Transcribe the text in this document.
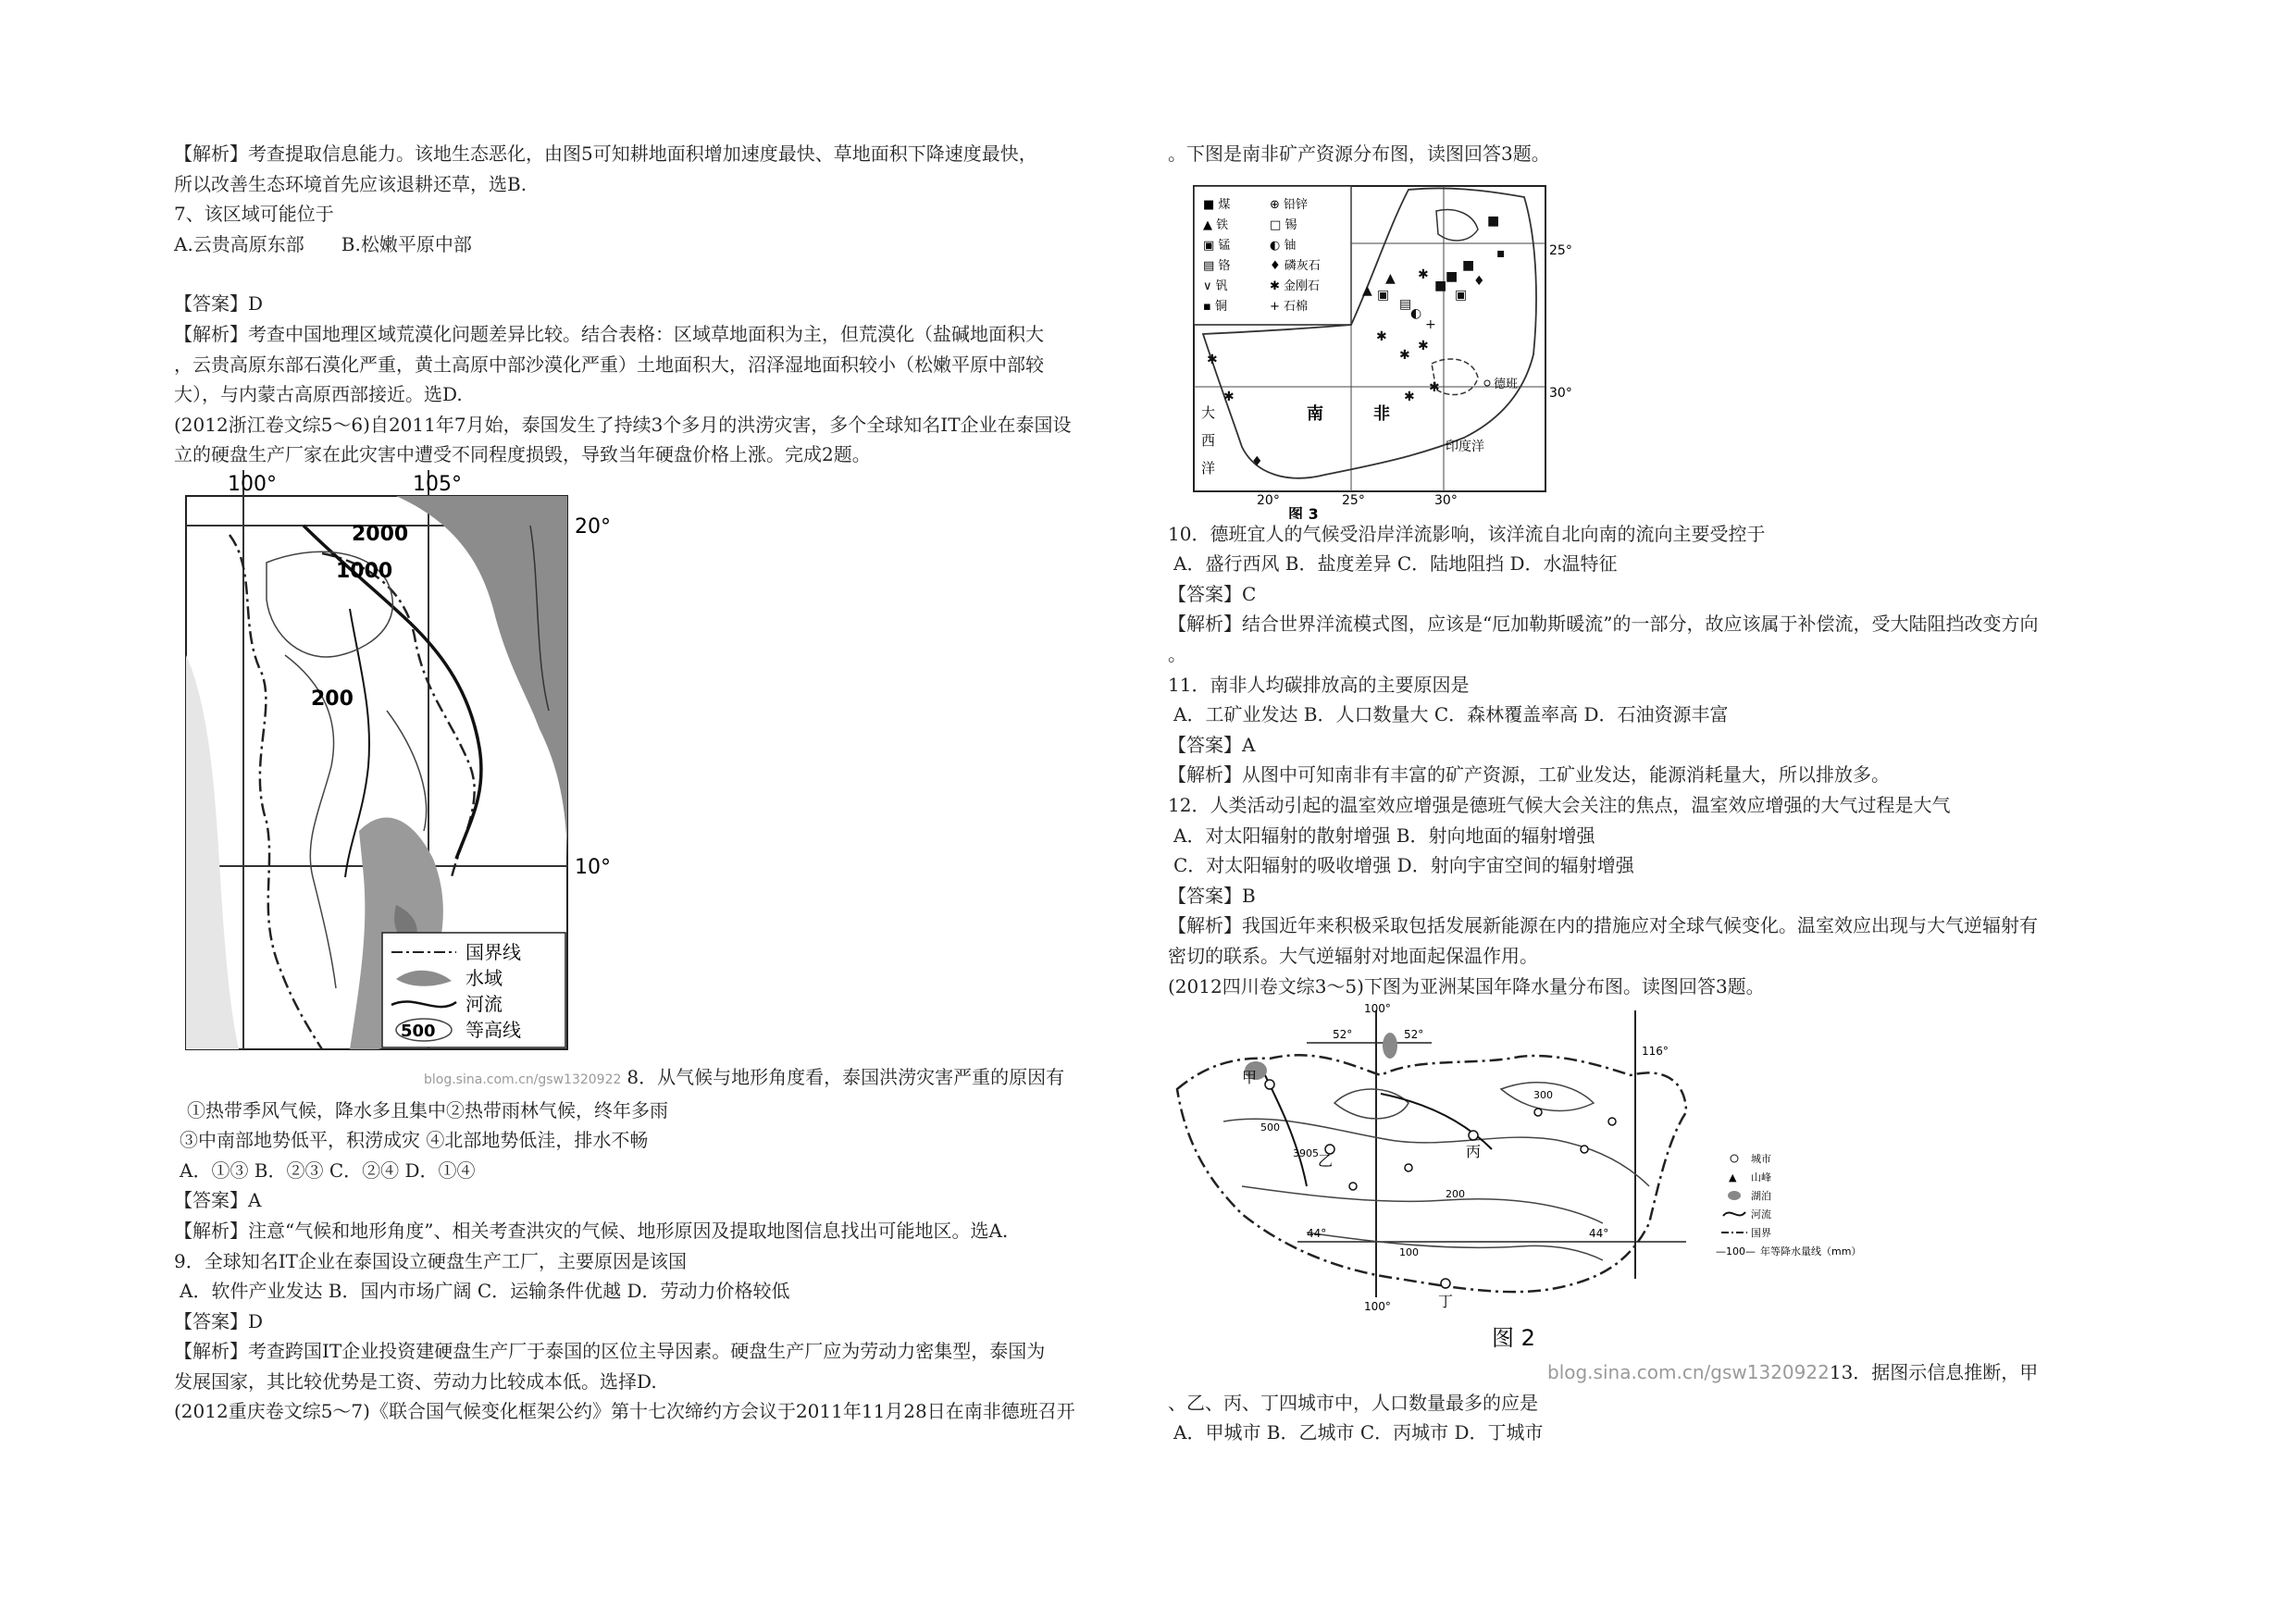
【解析】考查提取信息能力。该地生态恶化，由图5可知耕地面积增加速度最快、草地面积下降速度最快，

所以改善生态环境首先应该退耕还草，选B.

7、该区域可能位于

A.云贵高原东部　　B.松嫩平原中部

【答案】D

【解析】考查中国地理区域荒漠化问题差异比较。结合表格：区域草地面积为主，但荒漠化（盐碱地面积大

，云贵高原东部石漠化严重，黄土高原中部沙漠化严重）土地面积大，沼泽湿地面积较小（松嫩平原中部较

大），与内蒙古高原西部接近。选D.

(2012浙江卷文综5～6)自2011年7月始，泰国发生了持续3个多月的洪涝灾害，多个全球知名IT企业在泰国设

立的硬盘生产厂家在此灾害中遭受不同程度损毁，导致当年硬盘价格上涨。完成2题。

100°	105°
20°
10°
2000
1000
200
国界线
水域
河流
500 等高线

blog.sina.com.cn/gsw1320922 8．从气候与地形角度看，泰国洪涝灾害严重的原因有

①热带季风气候，降水多且集中②热带雨林气候，终年多雨

③中南部地势低平，积涝成灾 ④北部地势低洼，排水不畅

A．①③ B．②③ C．②④ D．①④

【答案】A

【解析】注意“气候和地形角度”、相关考查洪灾的气候、地形原因及提取地图信息找出可能地区。选A.

9．全球知名IT企业在泰国设立硬盘生产工厂，主要原因是该国

A．软件产业发达 B．国内市场广阔 C．运输条件优越 D．劳动力价格较低

【答案】D

【解析】考查跨国IT企业投资建硬盘生产厂于泰国的区位主导因素。硬盘生产厂应为劳动力密集型，泰国为

发展国家，其比较优势是工资、劳动力比较成本低。选择D.

(2012重庆卷文综5～7)《联合国气候变化框架公约》第十七次缔约方会议于2011年11月28日在南非德班召开

。下图是南非矿产资源分布图，读图回答3题。

■ 煤	⊕ 铅锌
▲ 铁	□ 锡
▣ 锰	◐ 铀
▤ 铬	♦ 磷灰石
∨ 钒	✱ 金刚石
▪ 铜	+ 石棉
▲ ▣
▲
▤
✱
◐
■
■
▣
■
♦
+
■
▪
✱
✱
✱
✱
✱
✱
✱
♦
25°
30°
20°	25°	30°
德班
南	非
大
西
洋
印度洋
图 3

10．德班宜人的气候受沿岸洋流影响，该洋流自北向南的流向主要受控于

A．盛行西风 B．盐度差异 C．陆地阻挡 D．水温特征

【答案】C

【解析】结合世界洋流模式图，应该是“厄加勒斯暖流”的一部分，故应该属于补偿流，受大陆阻挡改变方向

。

11．南非人均碳排放高的主要原因是

A．工矿业发达 B．人口数量大 C．森林覆盖率高 D．石油资源丰富

【答案】A

【解析】从图中可知南非有丰富的矿产资源，工矿业发达，能源消耗量大，所以排放多。

12．人类活动引起的温室效应增强是德班气候大会关注的焦点，温室效应增强的大气过程是大气

A．对太阳辐射的散射增强 B．射向地面的辐射增强

C．对太阳辐射的吸收增强 D．射向宇宙空间的辐射增强

【答案】B

【解析】我国近年来积极采取包括发展新能源在内的措施应对全球气候变化。温室效应出现与大气逆辐射有

密切的联系。大气逆辐射对地面起保温作用。

(2012四川卷文综3～5)下图为亚洲某国年降水量分布图。读图回答3题。

100°
100°
116°
52°	52°
44°	44°
甲
乙
丙
丁
300
200
100
500
3905	城市
▲ 山峰
湖泊
河流
国界
—100— 年等降水量线（mm）
图 2

blog.sina.com.cn/gsw132092213．据图示信息推断，甲

、乙、丙、丁四城市中，人口数量最多的应是

A．甲城市 B．乙城市 C．丙城市 D．丁城市
